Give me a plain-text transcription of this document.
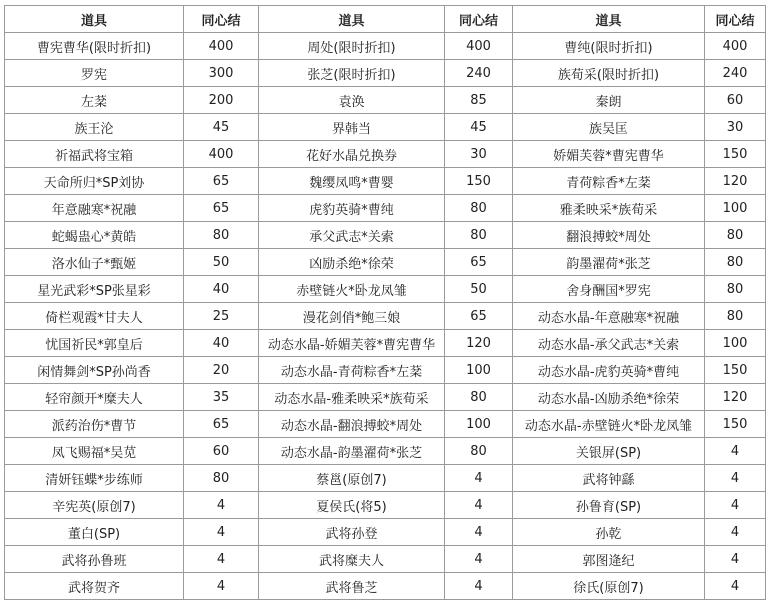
道具	同心结	道具	同心结	道具	同心结
曹宪曹华(限时折扣)	400	周处(限时折扣)	400	曹纯(限时折扣)	400
罗宪	300	张芝(限时折扣)	240	族荀采(限时折扣)	240
左棻	200	袁涣	85	秦朗	60
族王沦	45	界韩当	45	族吴匡	30
祈福武将宝箱	400	花好水晶兑换券	30	娇媚芙蓉*曹宪曹华	150
天命所归*SP刘协	65	魏缨凤鸣*曹婴	150	青荷粽香*左棻	120
年意融寒*祝融	65	虎豹英骑*曹纯	80	雅柔映采*族荀采	100
蛇蝎蛊心*黄皓	80	承父武志*关索	80	翻浪搏蛟*周处	80
洛水仙子*甄姬	50	凶励杀绝*徐荣	65	韵墨濯荷*张芝	80
星光武彩*SP张星彩	40	赤壁链火*卧龙凤雏	50	舍身酬国*罗宪	80
倚栏观霞*甘夫人	25	漫花剑俏*鲍三娘	65	动态水晶-年意融寒*祝融	80
忧国祈民*郭皇后	40	动态水晶-娇媚芙蓉*曹宪曹华	120	动态水晶-承父武志*关索	100
闲情舞剑*SP孙尚香	20	动态水晶-青荷粽香*左棻	100	动态水晶-虎豹英骑*曹纯	150
轻帘颜开*糜夫人	35	动态水晶-雅柔映采*族荀采	80	动态水晶-凶励杀绝*徐荣	120
派药治伤*曹节	65	动态水晶-翻浪搏蛟*周处	100	动态水晶-赤壁链火*卧龙凤雏	150
凤飞赐福*吴苋	60	动态水晶-韵墨濯荷*张芝	80	关银屏(SP)	4
清妍钰蝶*步练师	80	蔡邕(原创7)	4	武将钟繇	4
辛宪英(原创7)	4	夏侯氏(将5)	4	孙鲁育(SP)	4
董白(SP)	4	武将孙登	4	孙乾	4
武将孙鲁班	4	武将糜夫人	4	郭图逄纪	4
武将贺齐	4	武将鲁芝	4	徐氏(原创7)	4
